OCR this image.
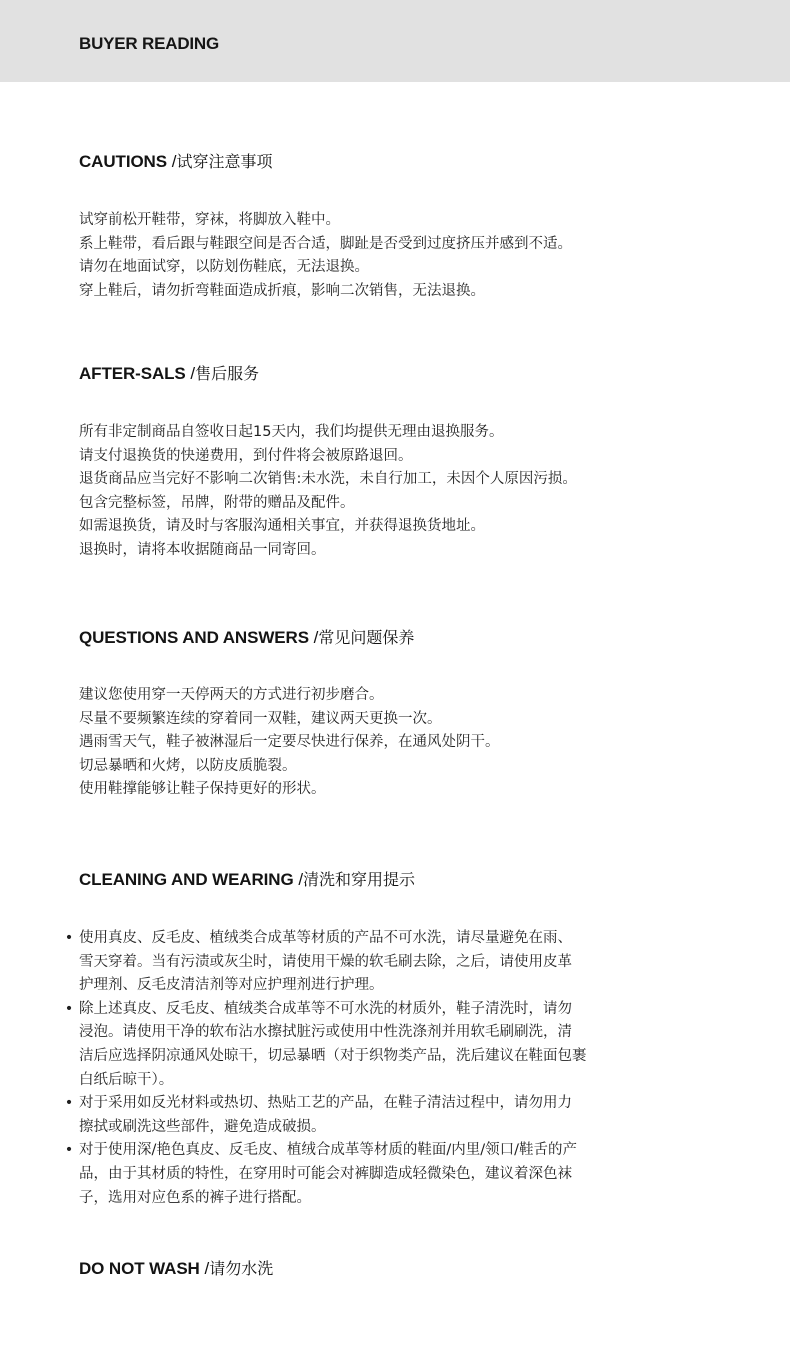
BUYER READING
CAUTIONS /试穿注意事项
试穿前松开鞋带，穿袜，将脚放入鞋中。
系上鞋带，看后跟与鞋跟空间是否合适，脚趾是否受到过度挤压并感到不适。
请勿在地面试穿，以防划伤鞋底，无法退换。
穿上鞋后，请勿折弯鞋面造成折痕，影响二次销售，无法退换。
AFTER-SALS /售后服务
所有非定制商品自签收日起15天内，我们均提供无理由退换服务。
请支付退换货的快递费用，到付件将会被原路退回。
退货商品应当完好不影响二次销售:未水洗，未自行加工，未因个人原因污损。
包含完整标签，吊牌，附带的赠品及配件。
如需退换货，请及时与客服沟通相关事宜，并获得退换货地址。
退换时，请将本收据随商品一同寄回。
QUESTIONS AND ANSWERS /常见问题保养
建议您使用穿一天停两天的方式进行初步磨合。
尽量不要频繁连续的穿着同一双鞋，建议两天更换一次。
遇雨雪天气，鞋子被淋湿后一定要尽快进行保养，在通风处阴干。
切忌暴晒和火烤，以防皮质脆裂。
使用鞋撑能够让鞋子保持更好的形状。
CLEANING AND WEARING /清洗和穿用提示
• 使用真皮、反毛皮、植绒类合成革等材质的产品不可水洗，请尽量避免在雨、
雪天穿着。当有污渍或灰尘时，请使用干燥的软毛刷去除，之后，请使用皮革
护理剂、反毛皮清洁剂等对应护理剂进行护理。
• 除上述真皮、反毛皮、植绒类合成革等不可水洗的材质外，鞋子清洗时，请勿
浸泡。请使用干净的软布沾水擦拭脏污或使用中性洗涤剂并用软毛刷刷洗，清
洁后应选择阴凉通风处晾干，切忌暴晒（对于织物类产品，洗后建议在鞋面包裹
白纸后晾干）。
• 对于采用如反光材料或热切、热贴工艺的产品，在鞋子清洁过程中，请勿用力
擦拭或刷洗这些部件，避免造成破损。
• 对于使用深/艳色真皮、反毛皮、植绒合成革等材质的鞋面/内里/领口/鞋舌的产
品，由于其材质的特性，在穿用时可能会对裤脚造成轻微染色，建议着深色袜
子，选用对应色系的裤子进行搭配。
DO NOT WASH /请勿水洗
